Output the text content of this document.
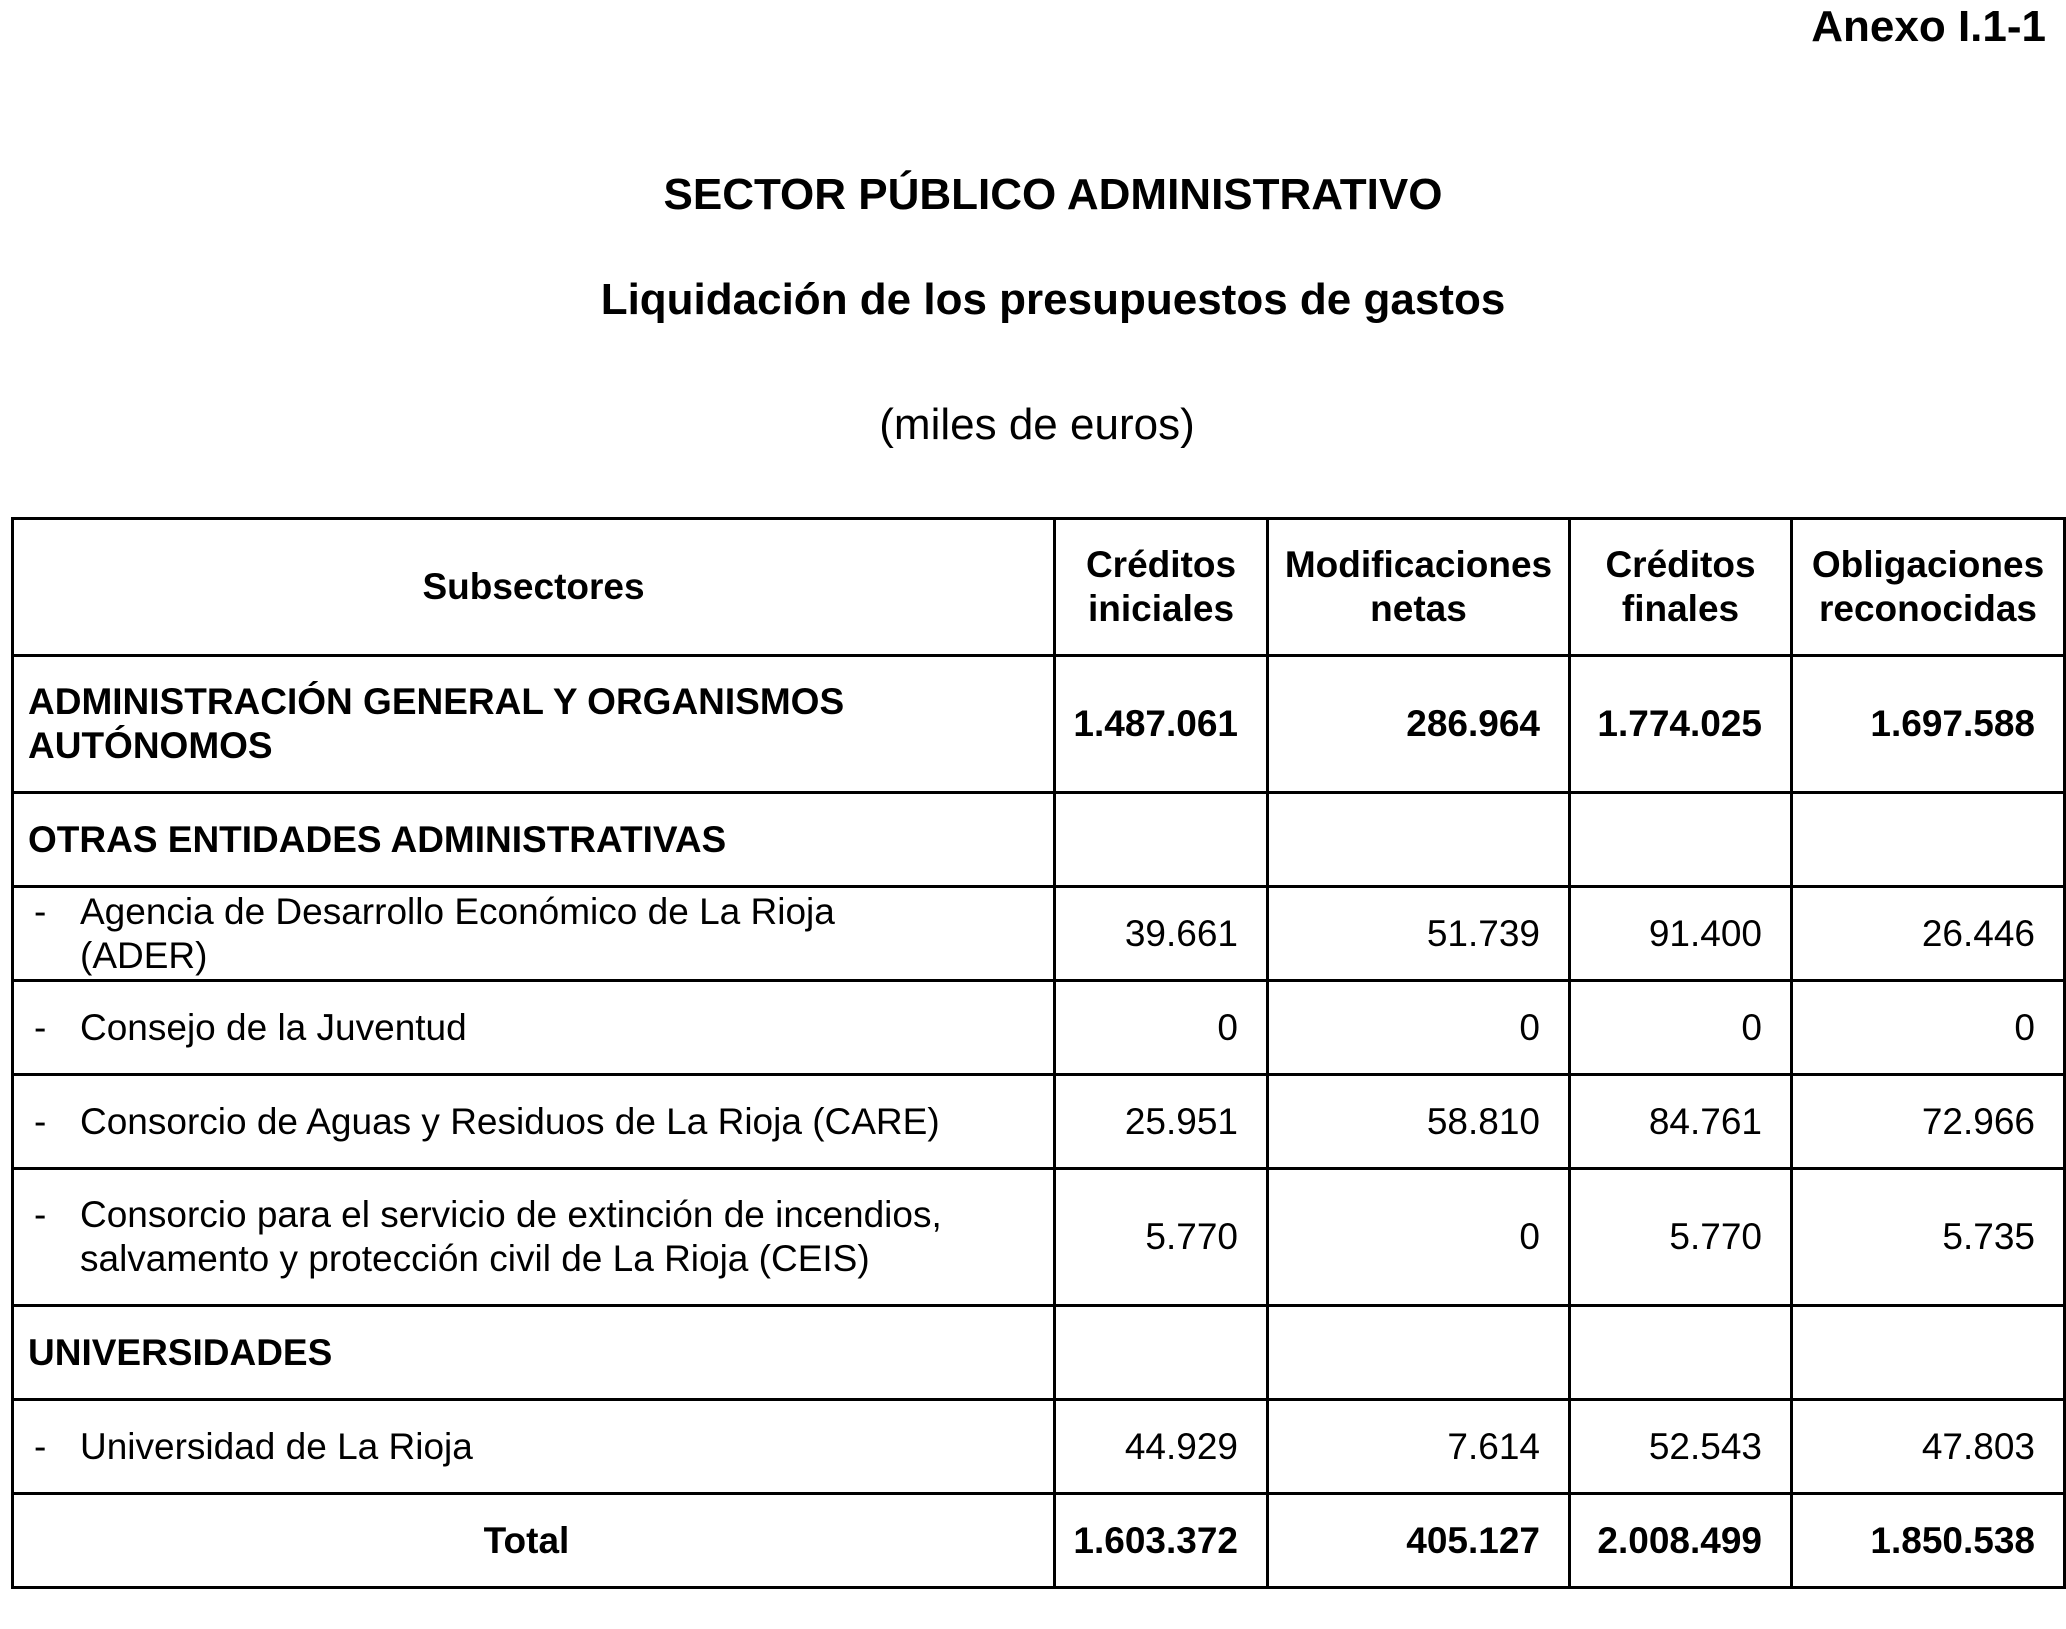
Anexo I.1-1
SECTOR PÚBLICO ADMINISTRATIVO
Liquidación de los presupuestos de gastos
(miles de euros)
Subsectores	Créditos iniciales	Modificaciones netas	Créditos finales	Obligaciones reconocidas
ADMINISTRACIÓN GENERAL Y ORGANISMOS AUTÓNOMOS	1.487.061	286.964	1.774.025	1.697.588
OTRAS ENTIDADES ADMINISTRATIVAS				
- Agencia de Desarrollo Económico de La Rioja (ADER)	39.661	51.739	91.400	26.446
- Consejo de la Juventud	0	0	0	0
- Consorcio de Aguas y Residuos de La Rioja (CARE)	25.951	58.810	84.761	72.966
- Consorcio para el servicio de extinción de incendios, salvamento y protección civil de La Rioja (CEIS)	5.770	0	5.770	5.735
UNIVERSIDADES				
- Universidad de La Rioja	44.929	7.614	52.543	47.803
Total	1.603.372	405.127	2.008.499	1.850.538
